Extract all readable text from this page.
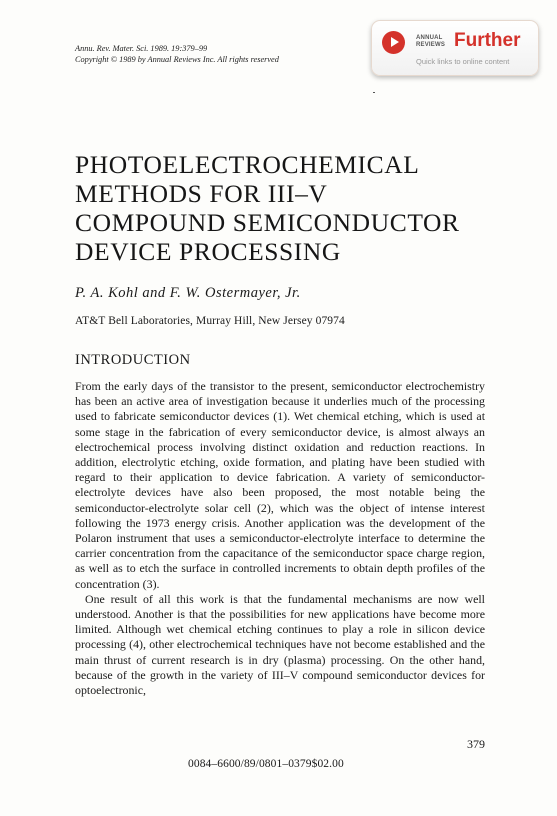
Annu. Rev. Mater. Sci. 1989. 19:379–99
Copyright © 1989 by Annual Reviews Inc. All rights reserved
ANNUAL
REVIEWS Further
Quick links to online content
PHOTOELECTROCHEMICAL
METHODS FOR III–V
COMPOUND SEMICONDUCTOR
DEVICE PROCESSING
P. A. Kohl and F. W. Ostermayer, Jr.
AT&T Bell Laboratories, Murray Hill, New Jersey 07974
INTRODUCTION

From the early days of the transistor to the present, semiconductor electrochemistry has been an active area of investigation because it underlies much of the processing used to fabricate semiconductor devices (1). Wet chemical etching, which is used at some stage in the fabrication of every semiconductor device, is almost always an electrochemical process involving distinct oxidation and reduction reactions. In addition, electrolytic etching, oxide formation, and plating have been studied with regard to their application to device fabrication. A variety of semiconductor-electrolyte devices have also been proposed, the most notable being the semiconductor-electrolyte solar cell (2), which was the object of intense interest following the 1973 energy crisis. Another application was the development of the Polaron instrument that uses a semiconductor-electrolyte interface to determine the carrier concentration from the capacitance of the semiconductor space charge region, as well as to etch the surface in controlled increments to obtain depth profiles of the concentration (3).

One result of all this work is that the fundamental mechanisms are now well understood. Another is that the possibilities for new applications have become more limited. Although wet chemical etching continues to play a role in silicon device processing (4), other electrochemical techniques have not become established and the main thrust of current research is in dry (plasma) processing. On the other hand, because of the growth in the variety of III–V compound semiconductor devices for optoelectronic,

379
0084–6600/89/0801–0379$02.00
